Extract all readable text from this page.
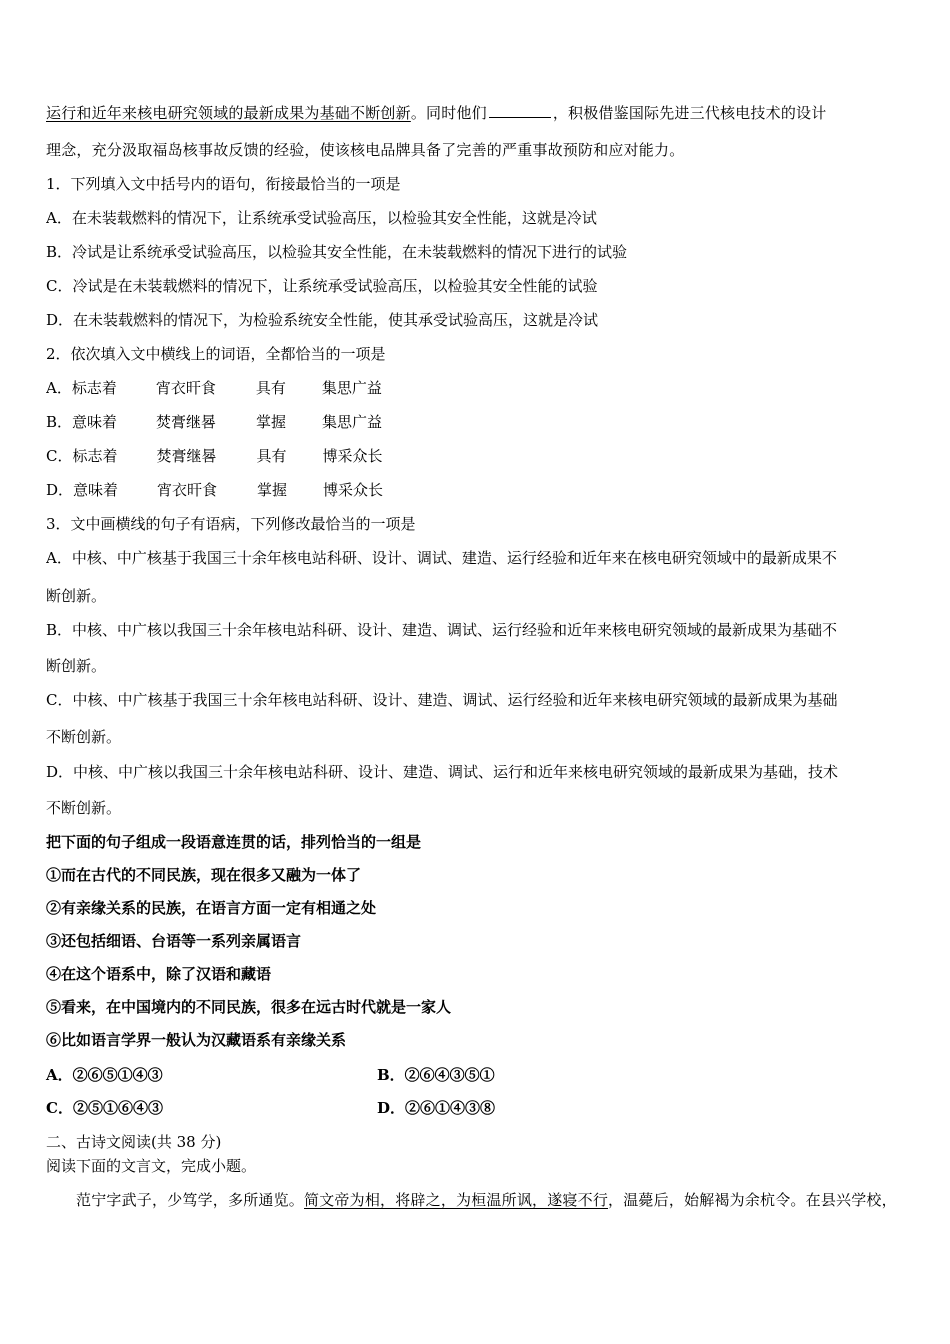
运行和近年来核电研究领域的最新成果为基础不断创新。同时他们	，积极借鉴国际先进三代核电技术的设计
理念，充分汲取福岛核事故反馈的经验，使该核电品牌具备了完善的严重事故预防和应对能力。
1．下列填入文中括号内的语句，衔接最恰当的一项是
A．在未装载燃料的情况下，让系统承受试验高压，以检验其安全性能，这就是冷试
B．冷试是让系统承受试验高压，以检验其安全性能，在未装载燃料的情况下进行的试验
C．冷试是在未装载燃料的情况下，让系统承受试验高压，以检验其安全性能的试验
D．在未装载燃料的情况下，为检验系统安全性能，使其承受试验高压，这就是冷试
2．依次填入文中横线上的词语，全都恰当的一项是
A．标志着	宵衣旰食	具有 集思广益
B．意味着	焚膏继晷	掌握 集思广益
C．标志着	焚膏继晷	具有 博采众长
D．意味着	宵衣旰食	掌握 博采众长
3．文中画横线的句子有语病，下列修改最恰当的一项是
A．中核、中广核基于我国三十余年核电站科研、设计、调试、建造、运行经验和近年来在核电研究领域中的最新成果不
断创新。
B．中核、中广核以我国三十余年核电站科研、设计、建造、调试、运行经验和近年来核电研究领域的最新成果为基础不
断创新。
C．中核、中广核基于我国三十余年核电站科研、设计、建造、调试、运行经验和近年来核电研究领域的最新成果为基础
不断创新。
D．中核、中广核以我国三十余年核电站科研、设计、建造、调试、运行和近年来核电研究领域的最新成果为基础，技术
不断创新。
把下面的句子组成一段语意连贯的话，排列恰当的一组是
①而在古代的不同民族，现在很多又融为一体了
②有亲缘关系的民族，在语言方面一定有相通之处
③还包括细语、台语等一系列亲属语言
④在这个语系中，除了汉语和藏语
⑤看来，在中国境内的不同民族，很多在远古时代就是一家人
⑥比如语言学界一般认为汉藏语系有亲缘关系
A．②⑥⑤①④③	B．②⑥④③⑤①
C．②⑤①⑥④③	D．②⑥①④③⑧
二、古诗文阅读(共 38 分)
阅读下面的文言文，完成小题。
范宁字武子，少笃学，多所通览。简文帝为相，将辟之，为桓温所讽，遂寝不行，温薨后，始解褐为余杭令。在县兴学校，
